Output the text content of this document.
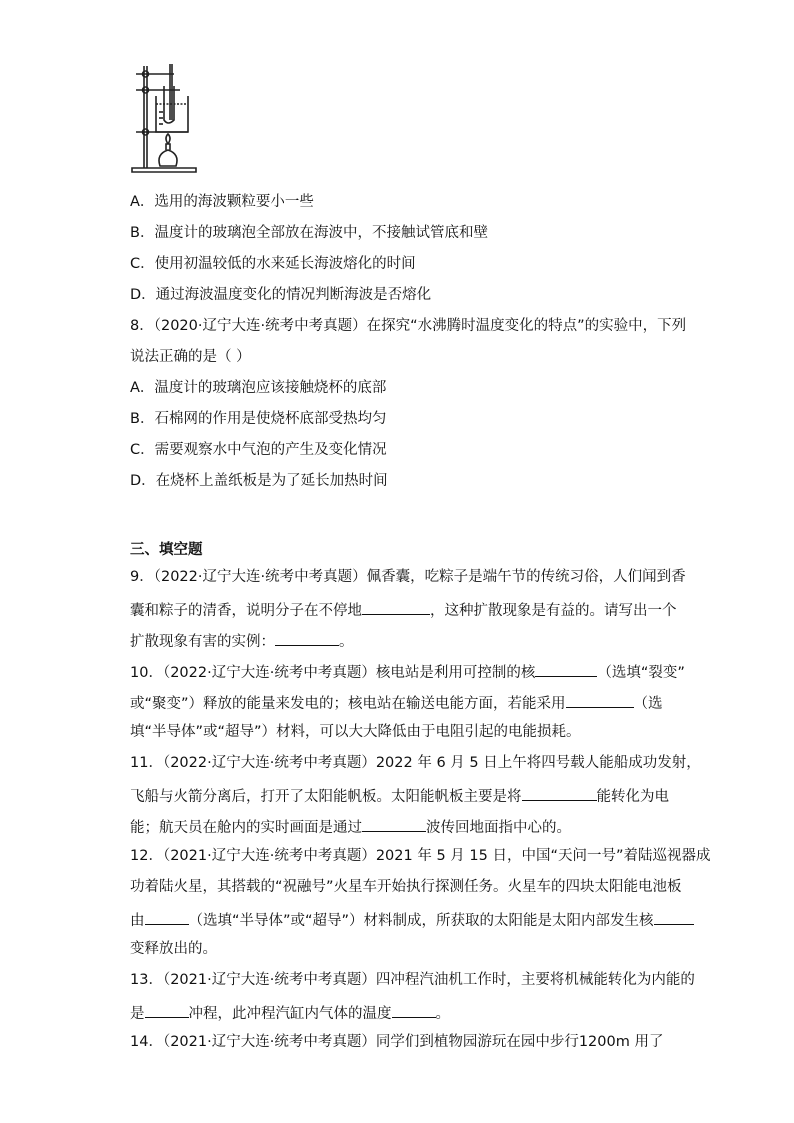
A．选用的海波颗粒要小一些
B．温度计的玻璃泡全部放在海波中，不接触试管底和壁
C．使用初温较低的水来延长海波熔化的时间
D．通过海波温度变化的情况判断海波是否熔化
8．（2020·辽宁大连·统考中考真题）在探究“水沸腾时温度变化的特点”的实验中，下列
说法正确的是（ ）
A．温度计的玻璃泡应该接触烧杯的底部
B．石棉网的作用是使烧杯底部受热均匀
C．需要观察水中气泡的产生及变化情况
D．在烧杯上盖纸板是为了延长加热时间
三、填空题
9．（2022·辽宁大连·统考中考真题）佩香囊，吃粽子是端午节的传统习俗，人们闻到香
囊和粽子的清香，说明分子在不停地	，这种扩散现象是有益的。请写出一个
扩散现象有害的实例：	。
10．（2022·辽宁大连·统考中考真题）核电站是利用可控制的核	（选填“裂变”
或“聚变”）释放的能量来发电的；核电站在输送电能方面，若能采用	（选
填“半导体”或“超导”）材料，可以大大降低由于电阻引起的电能损耗。
11．（2022·辽宁大连·统考中考真题）2022 年 6 月 5 日上午将四号载人能船成功发射，
飞船与火箭分离后，打开了太阳能帆板。太阳能帆板主要是将	能转化为电
能；航天员在舱内的实时画面是通过	波传回地面指中心的。
12．（2021·辽宁大连·统考中考真题）2021 年 5 月 15 日，中国“天问一号”着陆巡视器成
功着陆火星，其搭载的“祝融号”火星车开始执行探测任务。火星车的四块太阳能电池板
由	（选填“半导体”或“超导”）材料制成，所获取的太阳能是太阳内部发生核
变释放出的。
13．（2021·辽宁大连·统考中考真题）四冲程汽油机工作时，主要将机械能转化为内能的
是	冲程，此冲程汽缸内气体的温度	。
14．（2021·辽宁大连·统考中考真题）同学们到植物园游玩在园中步行1200m 用了
